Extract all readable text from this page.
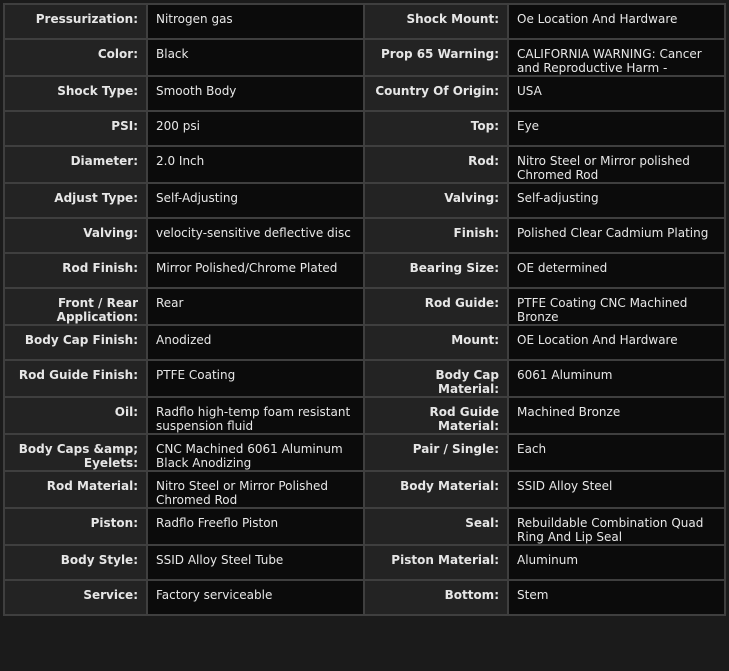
Pressurization:	Nitrogen gas	Shock Mount:	Oe Location And Hardware

Color:	Black	Prop 65 Warning:	CALIFORNIA WARNING: Cancer and Reproductive Harm -

Shock Type:	Smooth Body	Country Of Origin:	USA

PSI:	200 psi	Top:	Eye

Diameter:	2.0 Inch	Rod:	Nitro Steel or Mirror polished Chromed Rod

Adjust Type:	Self-Adjusting	Valving:	Self-adjusting

Valving:	velocity-sensitive deflective disc	Finish:	Polished Clear Cadmium Plating

Rod Finish:	Mirror Polished/Chrome Plated	Bearing Size:	OE determined

Front / Rear Application:	Rear	Rod Guide:	PTFE Coating CNC Machined Bronze

Body Cap Finish:	Anodized	Mount:	OE Location And Hardware

Rod Guide Finish:	PTFE Coating	Body Cap Material:	6061 Aluminum

Oil:	Radflo high-temp foam resistant suspension fluid	Rod Guide Material:	Machined Bronze

Body Caps &amp; Eyelets:	CNC Machined 6061 Aluminum Black Anodizing	Pair / Single:	Each

Rod Material:	Nitro Steel or Mirror Polished Chromed Rod	Body Material:	SSID Alloy Steel

Piston:	Radflo Freeflo Piston	Seal:	Rebuildable Combination Quad Ring And Lip Seal

Body Style:	SSID Alloy Steel Tube	Piston Material:	Aluminum

Service:	Factory serviceable	Bottom:	Stem
